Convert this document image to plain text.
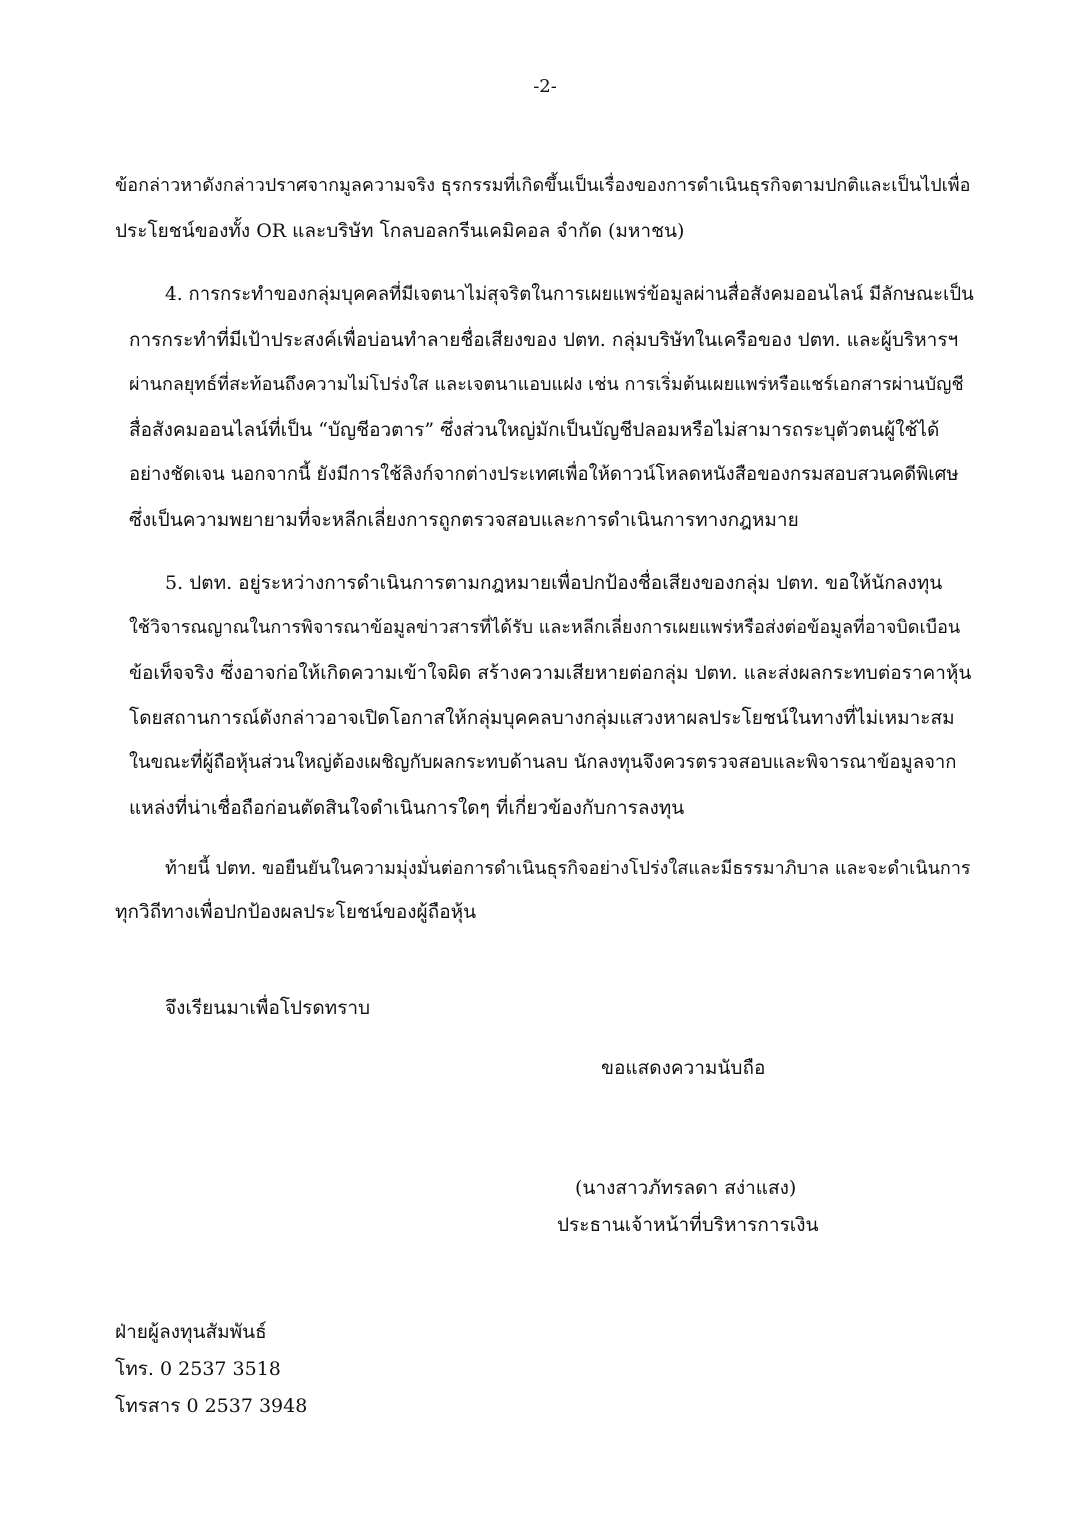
-2-
ข้อกล่าวหาดังกล่าวปราศจากมูลความจริง ธุรกรรมที่เกิดขึ้นเป็นเรื่องของการดำเนินธุรกิจตามปกติและเป็นไปเพื่อ
ประโยชน์ของทั้ง OR และบริษัท โกลบอลกรีนเคมิคอล จำกัด (มหาชน)
4. การกระทำของกลุ่มบุคคลที่มีเจตนาไม่สุจริตในการเผยแพร่ข้อมูลผ่านสื่อสังคมออนไลน์ มีลักษณะเป็น
การกระทำที่มีเป้าประสงค์เพื่อบ่อนทำลายชื่อเสียงของ ปตท. กลุ่มบริษัทในเครือของ ปตท. และผู้บริหารฯ
ผ่านกลยุทธ์ที่สะท้อนถึงความไม่โปร่งใส และเจตนาแอบแฝง เช่น การเริ่มต้นเผยแพร่หรือแชร์เอกสารผ่านบัญชี
สื่อสังคมออนไลน์ที่เป็น “บัญชีอวตาร” ซึ่งส่วนใหญ่มักเป็นบัญชีปลอมหรือไม่สามารถระบุตัวตนผู้ใช้ได้
อย่างชัดเจน นอกจากนี้ ยังมีการใช้ลิงก์จากต่างประเทศเพื่อให้ดาวน์โหลดหนังสือของกรมสอบสวนคดีพิเศษ
ซึ่งเป็นความพยายามที่จะหลีกเลี่ยงการถูกตรวจสอบและการดำเนินการทางกฎหมาย
5. ปตท. อยู่ระหว่างการดำเนินการตามกฎหมายเพื่อปกป้องชื่อเสียงของกลุ่ม ปตท. ขอให้นักลงทุน
ใช้วิจารณญาณในการพิจารณาข้อมูลข่าวสารที่ได้รับ และหลีกเลี่ยงการเผยแพร่หรือส่งต่อข้อมูลที่อาจบิดเบือน
ข้อเท็จจริง ซึ่งอาจก่อให้เกิดความเข้าใจผิด สร้างความเสียหายต่อกลุ่ม ปตท. และส่งผลกระทบต่อราคาหุ้น
โดยสถานการณ์ดังกล่าวอาจเปิดโอกาสให้กลุ่มบุคคลบางกลุ่มแสวงหาผลประโยชน์ในทางที่ไม่เหมาะสม
ในขณะที่ผู้ถือหุ้นส่วนใหญ่ต้องเผชิญกับผลกระทบด้านลบ นักลงทุนจึงควรตรวจสอบและพิจารณาข้อมูลจาก
แหล่งที่น่าเชื่อถือก่อนตัดสินใจดำเนินการใดๆ ที่เกี่ยวข้องกับการลงทุน
ท้ายนี้ ปตท. ขอยืนยันในความมุ่งมั่นต่อการดำเนินธุรกิจอย่างโปร่งใสและมีธรรมาภิบาล และจะดำเนินการ
ทุกวิถีทางเพื่อปกป้องผลประโยชน์ของผู้ถือหุ้น
จึงเรียนมาเพื่อโปรดทราบ
ขอแสดงความนับถือ
(นางสาวภัทรลดา สง่าแสง)
ประธานเจ้าหน้าที่บริหารการเงิน
ฝ่ายผู้ลงทุนสัมพันธ์
โทร. 0 2537 3518
โทรสาร 0 2537 3948
